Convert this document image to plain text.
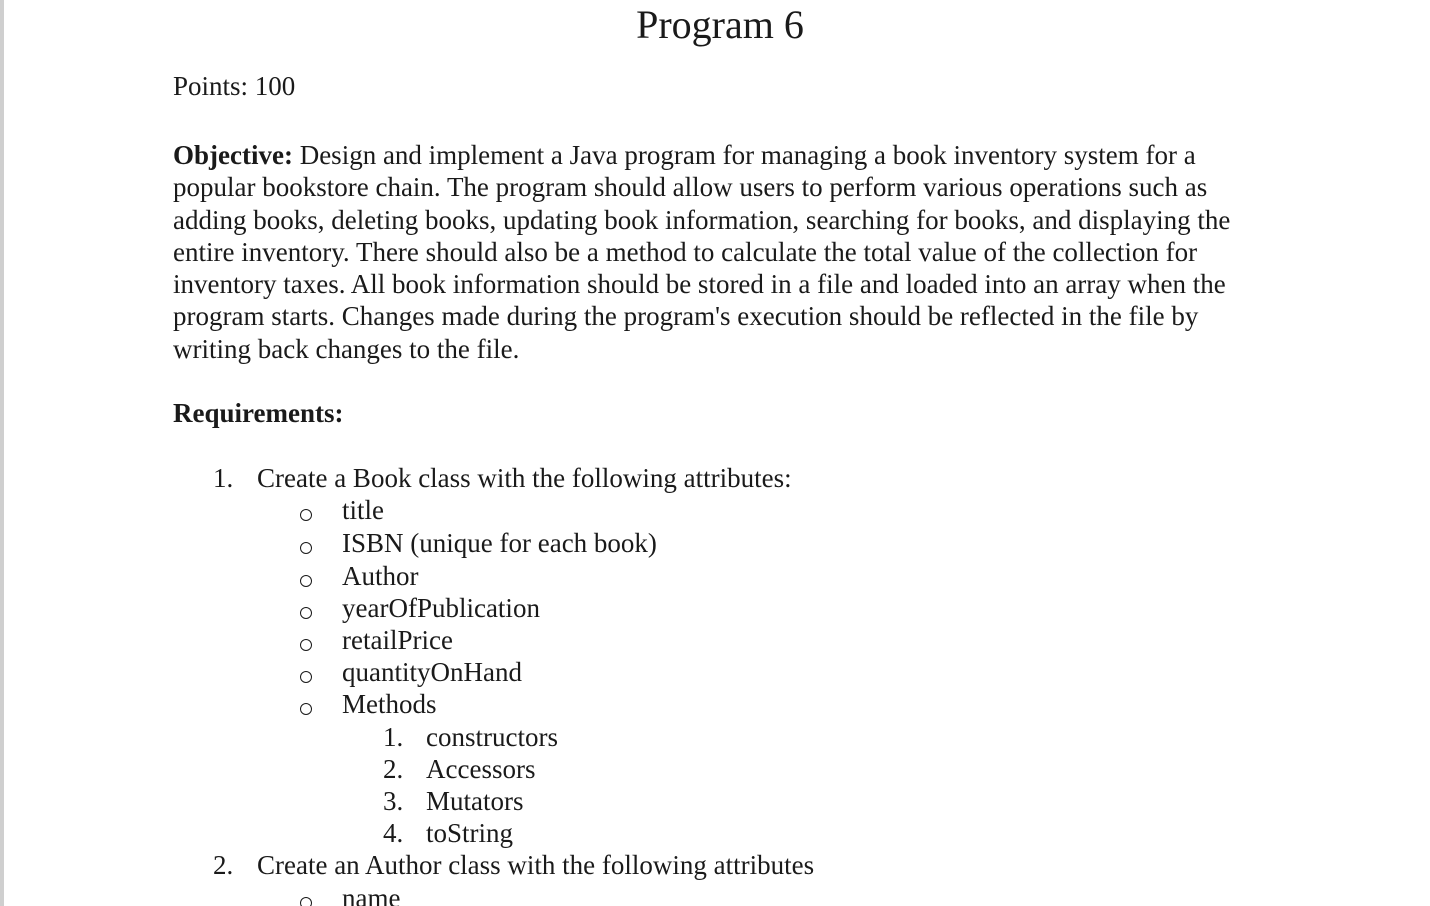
Program 6
Points: 100
Objective: Design and implement a Java program for managing a book inventory system for a popular bookstore chain. The program should allow users to perform various operations such as adding books, deleting books, updating book information, searching for books, and displaying the entire inventory. There should also be a method to calculate the total value of the collection for inventory taxes. All book information should be stored in a file and loaded into an array when the program starts. Changes made during the program's execution should be reflected in the file by writing back changes to the file.
Requirements:
1. Create a Book class with the following attributes:
title
ISBN (unique for each book)
Author
yearOfPublication
retailPrice
quantityOnHand
Methods
1. constructors
2. Accessors
3. Mutators
4. toString
2. Create an Author class with the following attributes
name
